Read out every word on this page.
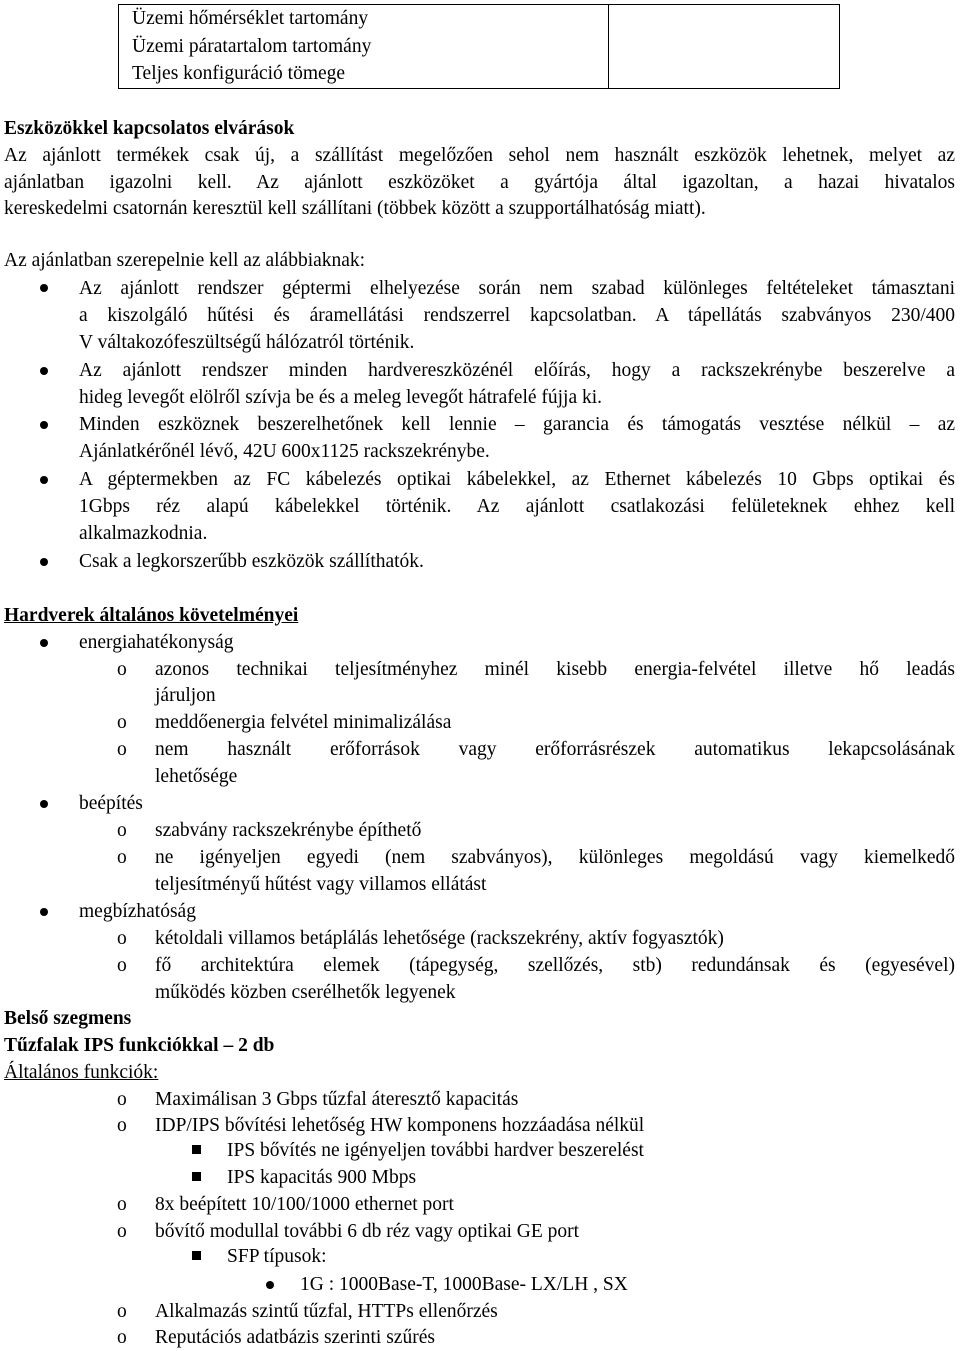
Üzemi hőmérséklet tartomány
Üzemi páratartalom tartomány
Teljes konfiguráció tömege

Eszközökkel kapcsolatos elvárások
Az ajánlott termékek csak új, a szállítást megelőzően sehol nem használt eszközök lehetnek, melyet az
ajánlatban igazolni kell. Az ajánlott eszközöket a gyártója által igazoltan, a hazai hivatalos
kereskedelmi csatornán keresztül kell szállítani (többek között a szupportálhatóság miatt).
Az ajánlatban szerepelnie kell az alábbiaknak:
Az ajánlott rendszer géptermi elhelyezése során nem szabad különleges feltételeket támasztani
a kiszolgáló hűtési és áramellátási rendszerrel kapcsolatban. A tápellátás szabványos 230/400
V váltakozófeszültségű hálózatról történik.
Az ajánlott rendszer minden hardvereszközénél előírás, hogy a rackszekrénybe beszerelve a
hideg levegőt elölről szívja be és a meleg levegőt hátrafelé fújja ki.
Minden eszköznek beszerelhetőnek kell lennie – garancia és támogatás vesztése nélkül – az
Ajánlatkérőnél lévő, 42U 600x1125 rackszekrénybe.
A géptermekben az FC kábelezés optikai kábelekkel, az Ethernet kábelezés 10 Gbps optikai és
1Gbps réz alapú kábelekkel történik. Az ajánlott csatlakozási felületeknek ehhez kell
alkalmazkodnia.
Csak a legkorszerűbb eszközök szállíthatók.
Hardverek általános követelményei
energiahatékonyság
o azonos technikai teljesítményhez minél kisebb energia-felvétel illetve hő leadás
járuljon
o meddőenergia felvétel minimalizálása
o nem használt erőforrások vagy erőforrásrészek automatikus lekapcsolásának
lehetősége
beépítés
o szabvány rackszekrénybe építhető
o ne igényeljen egyedi (nem szabványos), különleges megoldású vagy kiemelkedő
teljesítményű hűtést vagy villamos ellátást
megbízhatóság
o kétoldali villamos betáplálás lehetősége (rackszekrény, aktív fogyasztók)
o fő architektúra elemek (tápegység, szellőzés, stb) redundánsak és (egyesével)
működés közben cserélhetők legyenek
Belső szegmens
Tűzfalak IPS funkciókkal – 2 db
Általános funkciók:
o Maximálisan 3 Gbps tűzfal áteresztő kapacitás
o IDP/IPS bővítési lehetőség HW komponens hozzáadása nélkül
IPS bővítés ne igényeljen további hardver beszerelést
IPS kapacitás 900 Mbps
o 8x beépített 10/100/1000 ethernet port
o bővítő modullal további 6 db réz vagy optikai GE port
SFP típusok:
1G : 1000Base-T, 1000Base- LX/LH , SX
o Alkalmazás szintű tűzfal, HTTPs ellenőrzés
o Reputációs adatbázis szerinti szűrés
